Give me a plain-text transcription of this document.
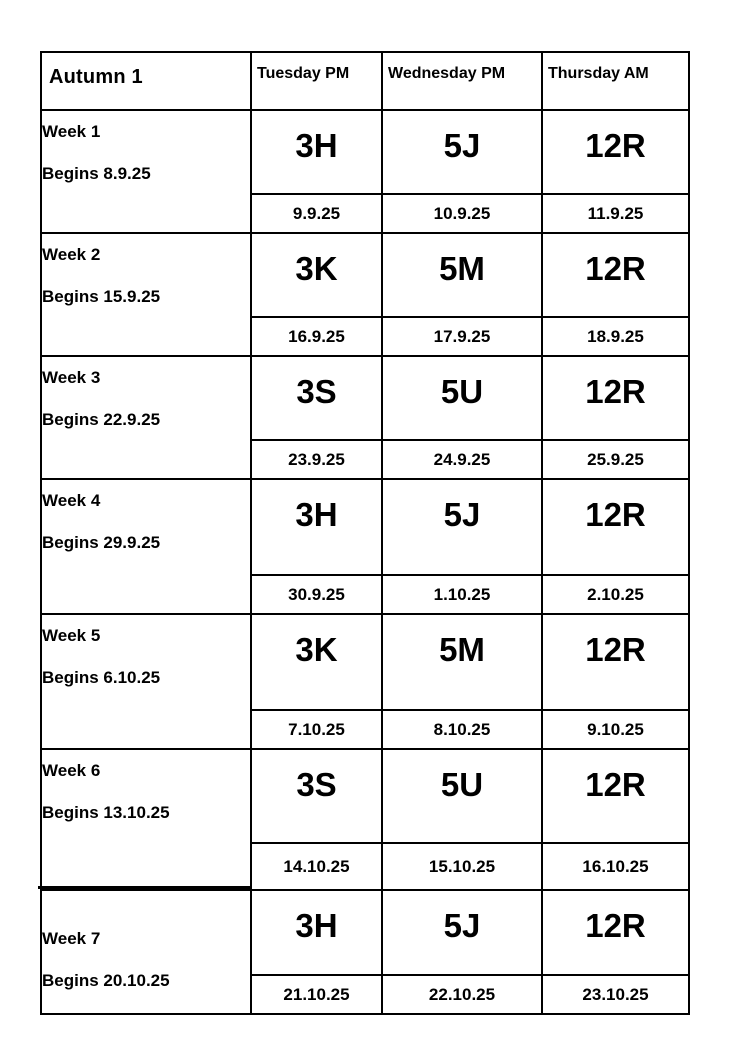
Autumn 1	Tuesday PM	Wednesday PM	Thursday AM

Week 1
Begins 8.9.25	3H	5J	12R

	9.9.25	10.9.25	11.9.25

Week 2
Begins 15.9.25	3K	5M	12R

	16.9.25	17.9.25	18.9.25

Week 3
Begins 22.9.25	3S	5U	12R

	23.9.25	24.9.25	25.9.25

Week 4
Begins 29.9.25	3H	5J	12R

	30.9.25	1.10.25	2.10.25

Week 5
Begins 6.10.25	3K	5M	12R

	7.10.25	8.10.25	9.10.25

Week 6
Begins 13.10.25	3S	5U	12R

	14.10.25	15.10.25	16.10.25

Week 7
Begins 20.10.25	3H	5J	12R

	21.10.25	22.10.25	23.10.25
